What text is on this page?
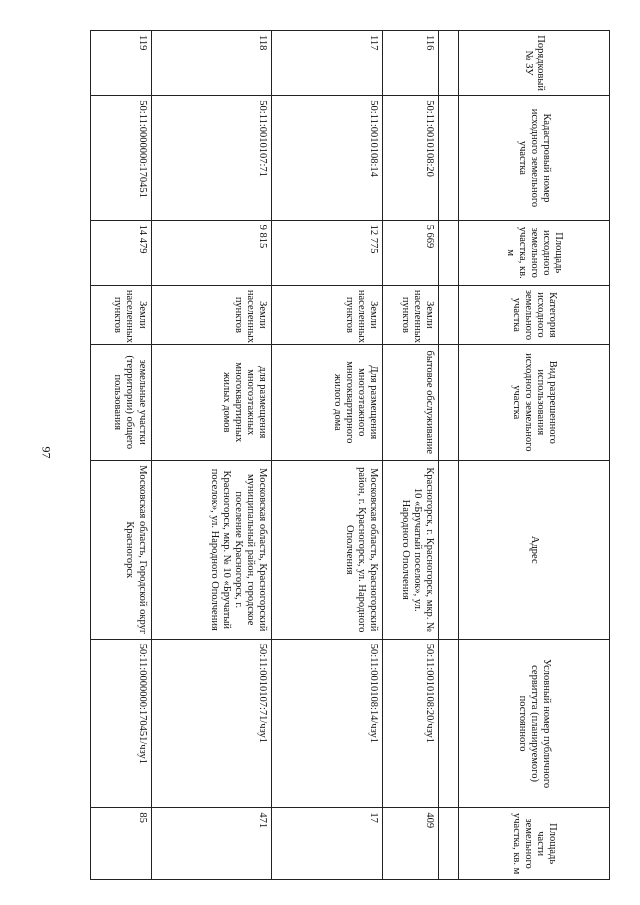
97
Порядковый № ЗУ	Кадастровый номер исходного земельного участка	Площадь исходного земельного участка, кв. м	Категория исходного земельного участка	Вид разрешенного использования исходного земельного участка	Адрес	Условный номер публичного сервитута (планируемого) постоянного	Площадь части земельного участка, кв. м

116	50:11:0010108:20	5 669	Земли населенных пунктов	бытовое обслуживание	Красногорск, г. Красногорск, мкр. № 10 «Бручатый поселок», ул. Народного Ополчения	50:11:0010108:20/чзу1	409
117	50:11:0010108:14	12 775	Земли населенных пунктов	Для размещения многоэтажного многоквартирного жилого дома	Московская область, Красногорский район, г. Красногорск, ул. Народного Ополчения	50:11:0010108:14/чзу1	17
118	50:11:0010107:71	9 815	Земли населенных пунктов	для размещения многоэтажных многоквартирных жилых домов	Московская область, Красногорский муниципальный район, городское поселение Красногорск, г. Красногорск, мкр. № 10 «Бручатый поселок», ул. Народного Ополчения	50:11:0010107:71/чзу1	471
119	50:11:0000000:170451	14 479	Земли населенных пунктов	земельные участки (территории) общего пользования	Московская область, Городской округ Красногорск	50:11:0000000:170451/чзу1	85
